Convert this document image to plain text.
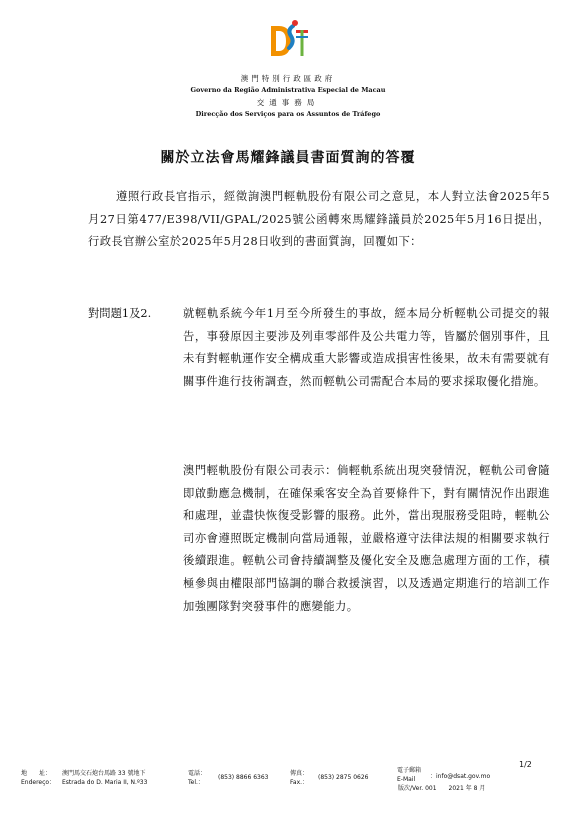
澳門特別行政區政府
Governo da Região Administrativa Especial de Macau
交通事務局
Direcção dos Serviços para os Assuntos de Tráfego
關於立法會馬耀鋒議員書面質詢的答覆
遵照行政長官指示，經徵詢澳門輕軌股份有限公司之意見，本人對立法會2025年5月27日第477/E398/VII/GPAL/2025號公函轉來馬耀鋒議員於2025年5月16日提出，行政長官辦公室於2025年5月28日收到的書面質詢，回覆如下：
對問題1及2.	就輕軌系統今年1月至今所發生的事故，經本局分析輕軌公司提交的報告，事發原因主要涉及列車零部件及公共電力等，皆屬於個別事件，且未有對輕軌運作安全構成重大影響或造成損害性後果，故未有需要就有關事件進行技術調查，然而輕軌公司需配合本局的要求採取優化措施。
澳門輕軌股份有限公司表示：倘輕軌系統出現突發情況，輕軌公司會隨即啟動應急機制，在確保乘客安全為首要條件下，對有關情況作出跟進和處理，並盡快恢復受影響的服務。此外，當出現服務受阻時，輕軌公司亦會遵照既定機制向當局通報，並嚴格遵守法律法規的相關要求執行後續跟進。輕軌公司會持續調整及優化安全及應急處理方面的工作，積極參與由權限部門協調的聯合救援演習，以及透過定期進行的培訓工作加強團隊對突發事件的應變能力。
1/2
地　　址：
Endereço：
澳門馬交石炮台馬路 33 號地下
Estrada do D. Maria II, N.º33
電話：
Tel.：
(853) 8866 6363
傳真：
Fax.：
(853) 2875 0626
電子郵箱
E-Mail	：info@dsat.gov.mo
版次/Ver. 001　　2021 年 8 月
